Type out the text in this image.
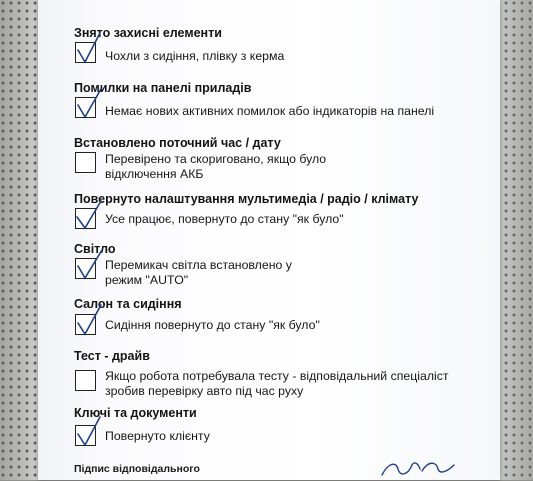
Знято захисні елементи
Чохли з сидіння, плівку з керма
Помилки на панелі приладів
Немає нових активних помилок або індикаторів на панелі
Встановлено поточний час / дату
Перевірено та скориговано, якщо було
відключення АКБ
Повернуто налаштування мультимедіа / радіо / клімату
Усе працює, повернуто до стану "як було"
Світло
Перемикач світла встановлено у
режим "AUTO"
Салон та сидіння
Сидіння повернуто до стану "як було"
Тест - драйв
Якщо робота потребувала тесту - відповідальний спеціаліст
зробив перевірку авто під час руху
Ключі та документи
Повернуто клієнту
Підпис відповідального
